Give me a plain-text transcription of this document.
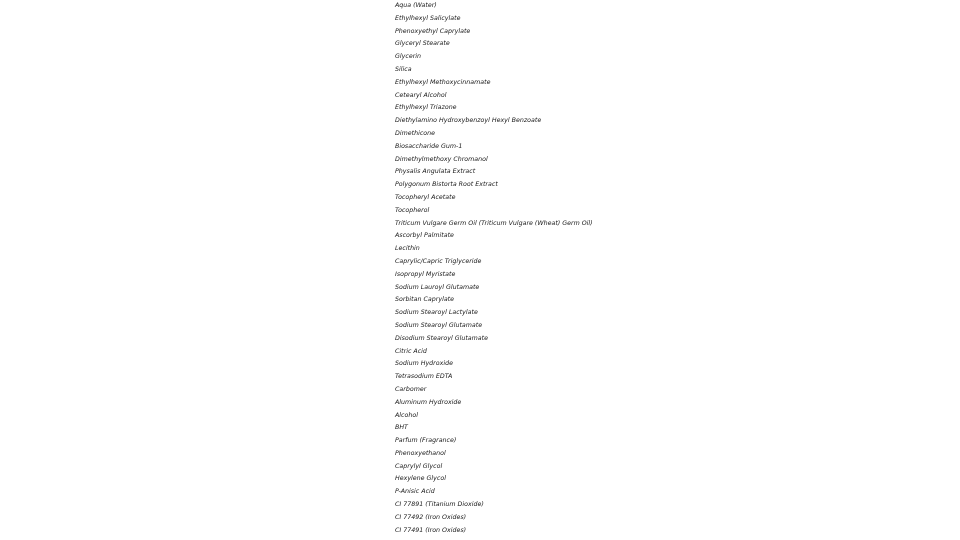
Aqua (Water)
Ethylhexyl Salicylate
Phenoxyethyl Caprylate
Glyceryl Stearate
Glycerin
Silica
Ethylhexyl Methoxycinnamate
Cetearyl Alcohol
Ethylhexyl Triazone
Diethylamino Hydroxybenzoyl Hexyl Benzoate
Dimethicone
Biosaccharide Gum-1
Dimethylmethoxy Chromanol
Physalis Angulata Extract
Polygonum Bistorta Root Extract
Tocopheryl Acetate
Tocopherol
Triticum Vulgare Germ Oil (Triticum Vulgare (Wheat) Germ Oil)
Ascorbyl Palmitate
Lecithin
Caprylic/Capric Triglyceride
Isopropyl Myristate
Sodium Lauroyl Glutamate
Sorbitan Caprylate
Sodium Stearoyl Lactylate
Sodium Stearoyl Glutamate
Disodium Stearoyl Glutamate
Citric Acid
Sodium Hydroxide
Tetrasodium EDTA
Carbomer
Aluminum Hydroxide
Alcohol
BHT
Parfum (Fragrance)
Phenoxyethanol
Caprylyl Glycol
Hexylene Glycol
P-Anisic Acid
CI 77891 (Titanium Dioxide)
CI 77492 (Iron Oxides)
CI 77491 (Iron Oxides)
